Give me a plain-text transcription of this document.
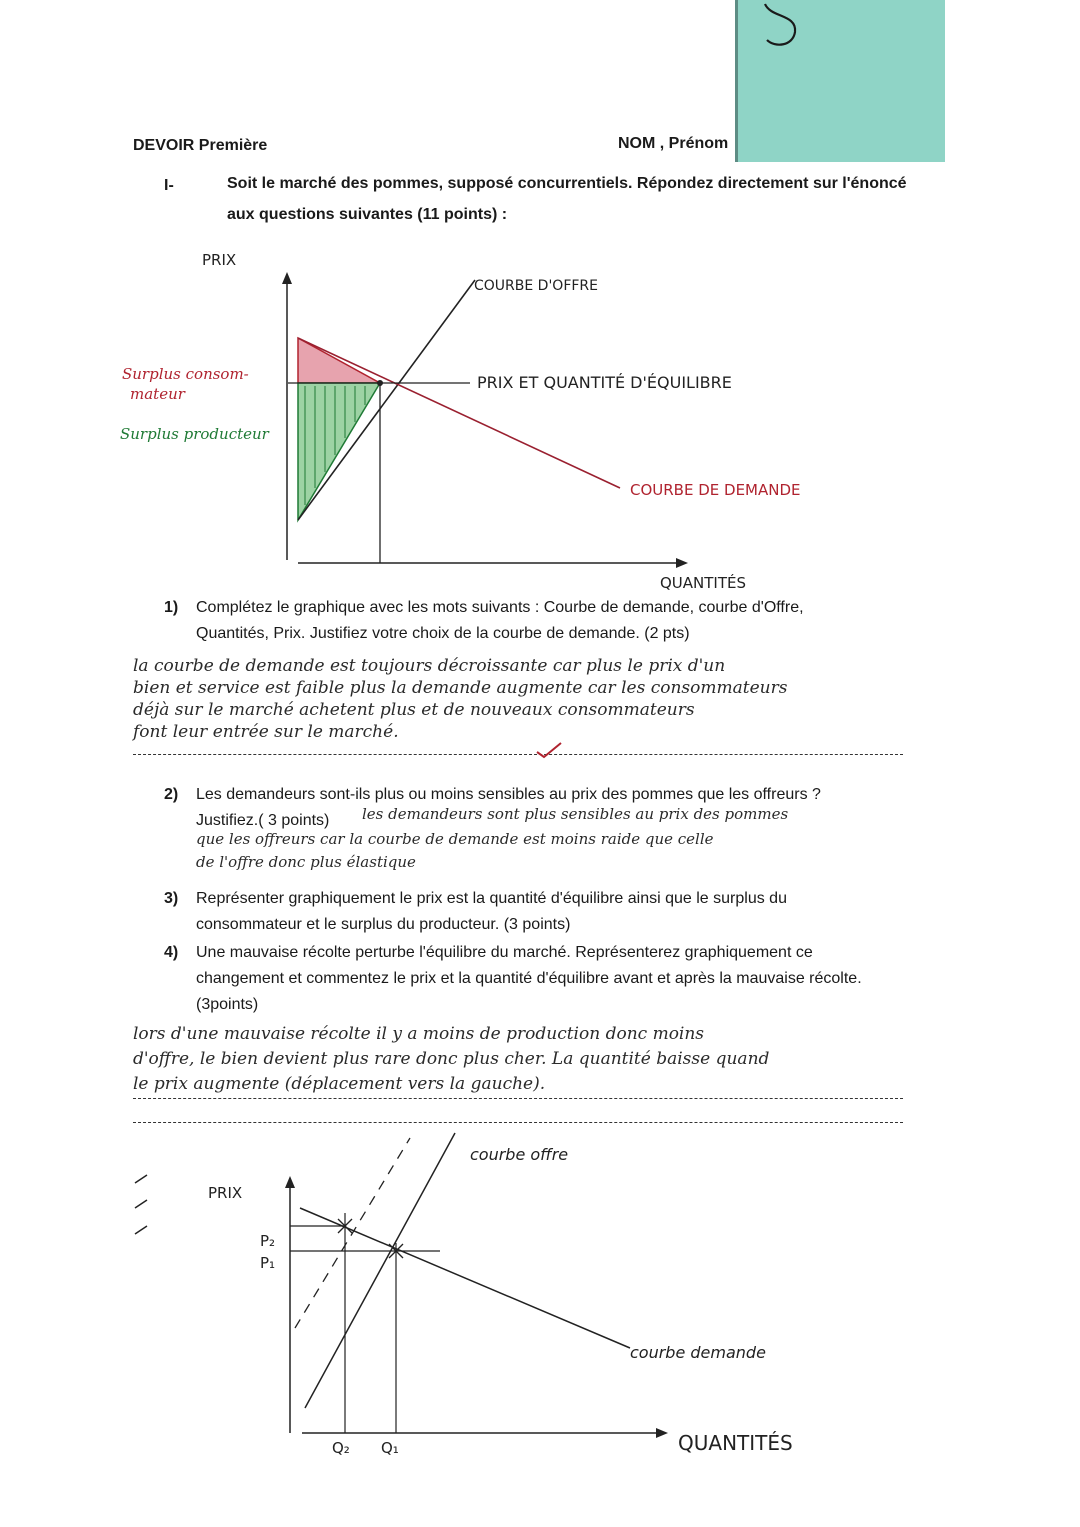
5
DEVOIR Première	NOM , Prénom
I-	Soit le marché des pommes, supposé concurrentiels. Répondez directement sur l'énoncé
aux questions suivantes (11 points) :
PRIX
COURBE D'OFFRE
PRIX ET QUANTITÉ D'ÉQUILIBRE
COURBE DE DEMANDE
QUANTITÉS
Surplus consom-
mateur
Surplus producteur
1) Complétez le graphique avec les mots suivants : Courbe de demande, courbe d'Offre,
Quantités, Prix. Justifiez votre choix de la courbe de demande. (2 pts)
la courbe de demande est toujours décroissante car plus le prix d'un
bien et service est faible plus la demande augmente car les consommateurs
déjà sur le marché achetent plus et de nouveaux consommateurs
font leur entrée sur le marché.
2) Les demandeurs sont-ils plus ou moins sensibles au prix des pommes que les offreurs ?
Justifiez.( 3 points)	les demandeurs sont plus sensibles au prix des pommes
que les offreurs car la courbe de demande est moins raide que celle
de l'offre donc plus élastique
3) Représenter graphiquement le prix est la quantité d'équilibre ainsi que le surplus du
consommateur et le surplus du producteur. (3 points)
4) Une mauvaise récolte perturbe l'équilibre du marché. Représenterez graphiquement ce
changement et commentez le prix et la quantité d'équilibre avant et après la mauvaise récolte.
(3points)
lors d'une mauvaise récolte il y a moins de production donc moins
d'offre, le bien devient plus rare donc plus cher. La quantité baisse quand
le prix augmente (déplacement vers la gauche).
PRIX
P₂
P₁
Q₂ Q₁
courbe offre
courbe demande
QUANTITÉS
